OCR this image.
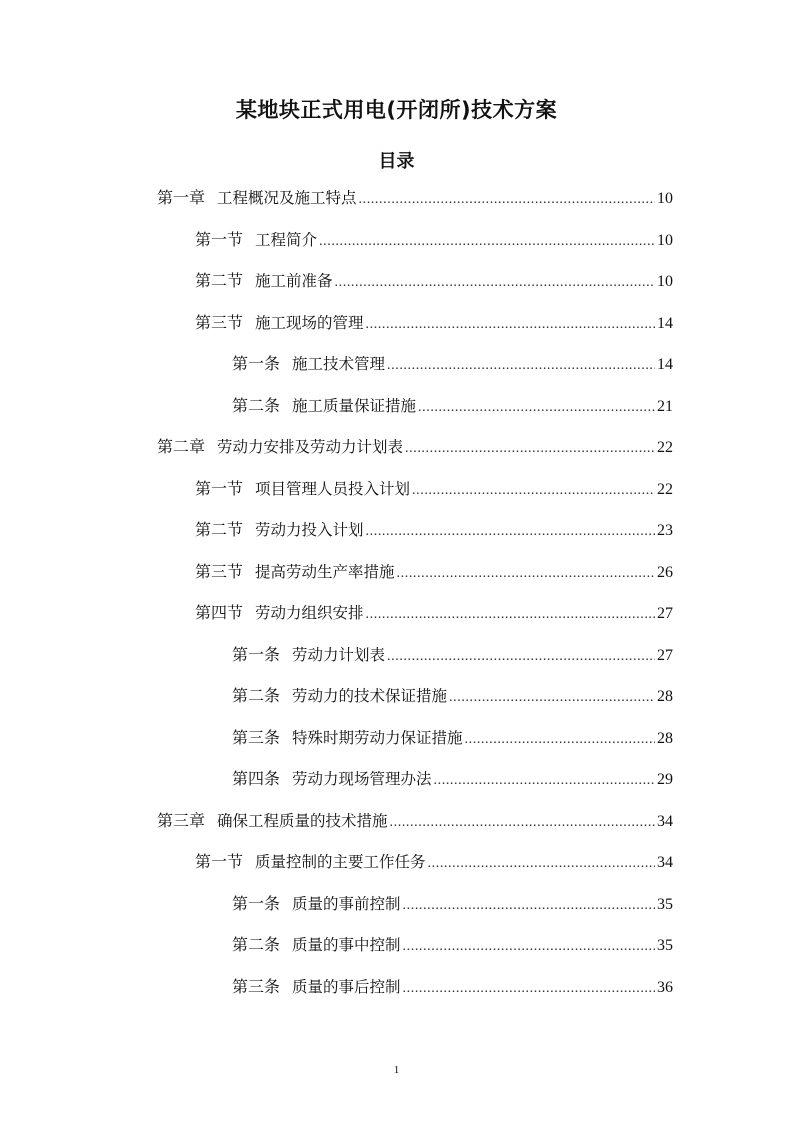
某地块正式用电(开闭所)技术方案
目录
第一章 工程概况及施工特点 .....	10
第一节 工程简介 .....	10
第二节 施工前准备 .....	10
第三节 施工现场的管理 .....	14
第一条 施工技术管理 .....	14
第二条 施工质量保证措施 .....	21
第二章 劳动力安排及劳动力计划表 .....	22
第一节 项目管理人员投入计划 .....	22
第二节 劳动力投入计划 .....	23
第三节 提高劳动生产率措施 .....	26
第四节 劳动力组织安排 .....	27
第一条 劳动力计划表 .....	27
第二条 劳动力的技术保证措施 .....	28
第三条 特殊时期劳动力保证措施 .....	28
第四条 劳动力现场管理办法 .....	29
第三章 确保工程质量的技术措施 .....	34
第一节 质量控制的主要工作任务 .....	34
第一条 质量的事前控制 .....	35
第二条 质量的事中控制 .....	35
第三条 质量的事后控制 .....	36
1
